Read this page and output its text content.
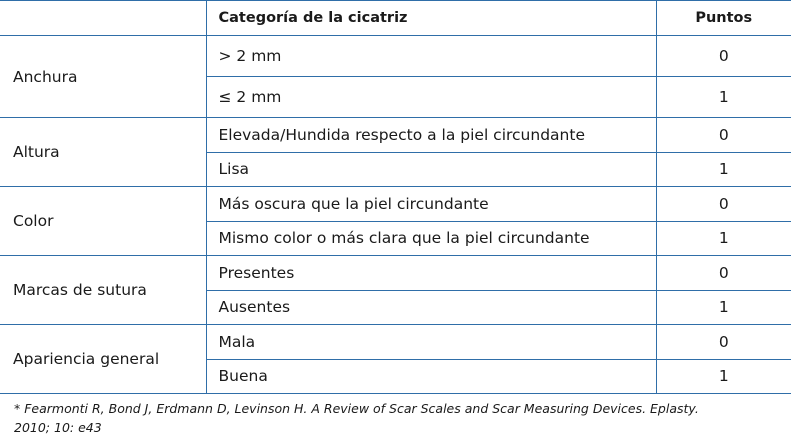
	Categoría de la cicatriz	Puntos
Anchura	> 2 mm	0
	≤ 2 mm	1
Altura	Elevada/Hundida respecto a la piel circundante	0
	Lisa	1
Color	Más oscura que la piel circundante	0
	Mismo color o más clara que la piel circundante	1
Marcas de sutura	Presentes	0
	Ausentes	1
Apariencia general	Mala	0
	Buena	1
* Fearmonti R, Bond J, Erdmann D, Levinson H. A Review of Scar Scales and Scar Measuring Devices. Eplasty.
2010; 10: e43
